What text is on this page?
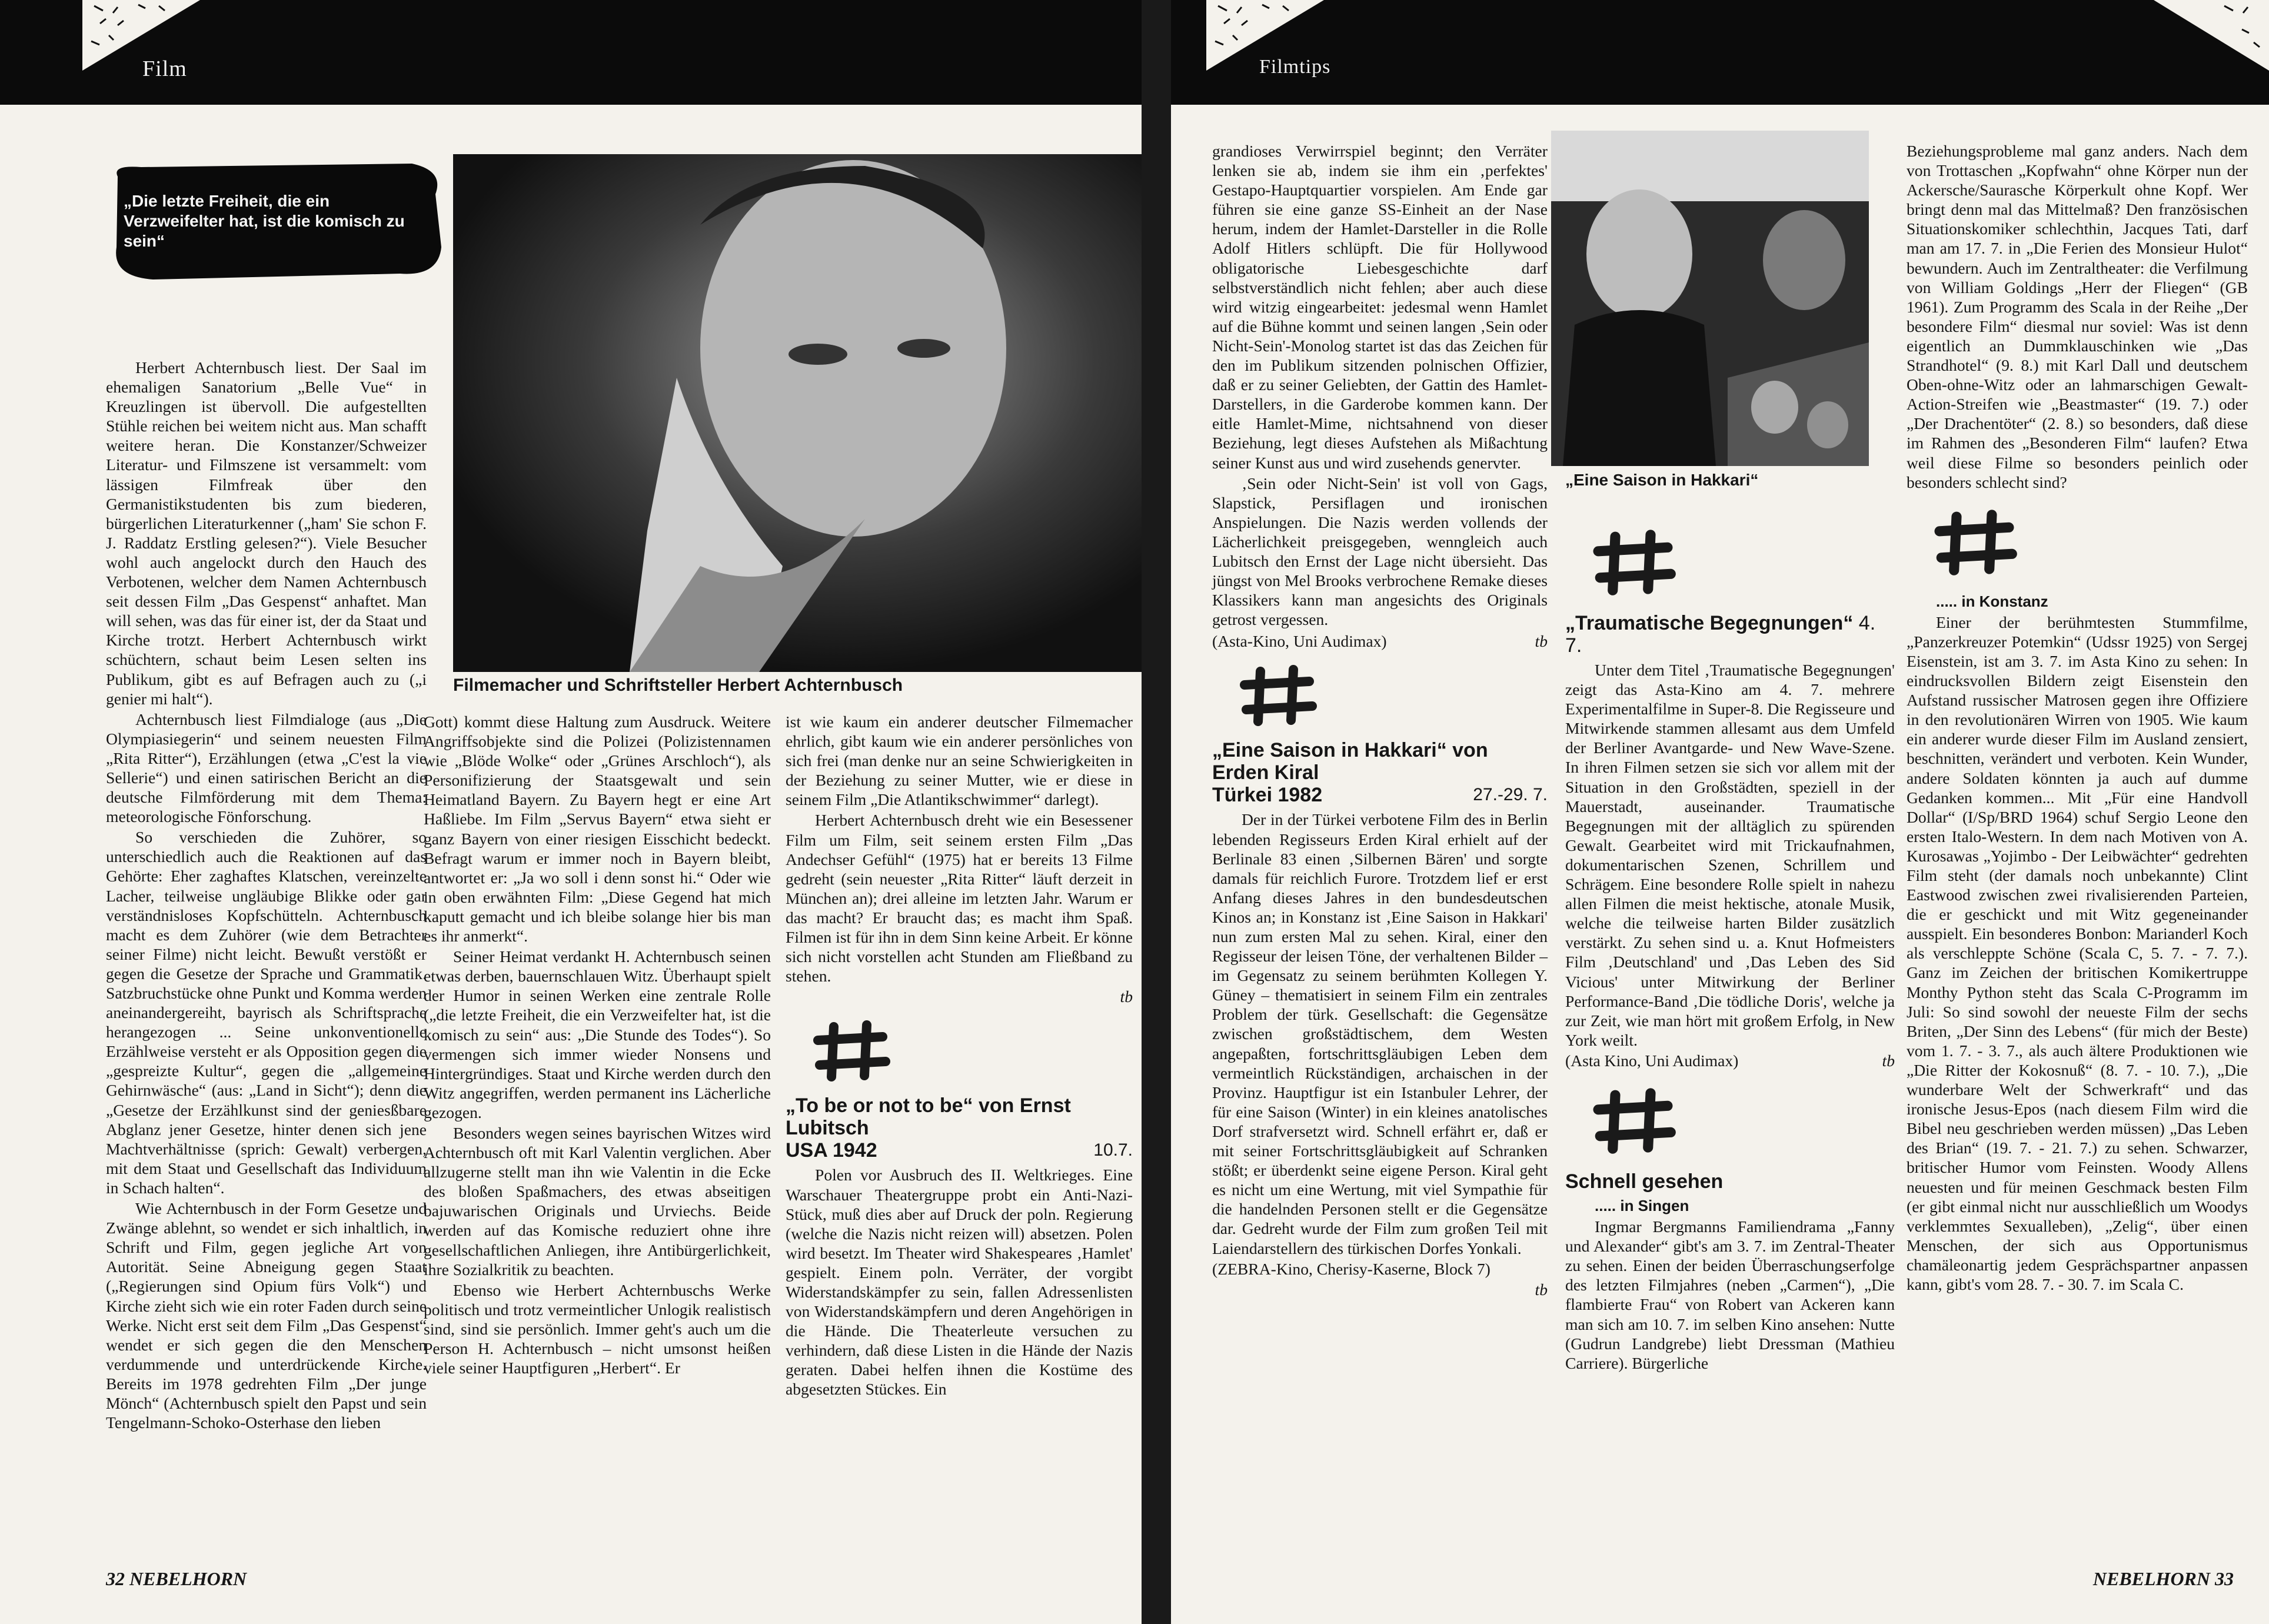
Film
„Die letzte Freiheit, die ein Verzweifelter hat, ist die komisch zu sein“
Filmemacher und Schriftsteller Herbert Achternbusch

Herbert Achternbusch liest. Der Saal im ehemaligen Sanatorium „Belle Vue“ in Kreuzlingen ist übervoll. Die aufgestellten Stühle reichen bei weitem nicht aus. Man schafft weitere heran. Die Konstanzer/Schweizer Literatur- und Filmszene ist versammelt: vom lässigen Filmfreak über den Germanistikstudenten bis zum biederen, bürgerlichen Literaturkenner („ham' Sie schon F. J. Raddatz Erstling gelesen?“). Viele Besucher wohl auch angelockt durch den Hauch des Verbotenen, welcher dem Namen Achternbusch seit dessen Film „Das Gespenst“ anhaftet. Man will sehen, was das für einer ist, der da Staat und Kirche trotzt. Herbert Achternbusch wirkt schüchtern, schaut beim Lesen selten ins Publikum, gibt es auf Befragen auch zu („i genier mi halt“).

Achternbusch liest Filmdialoge (aus „Die Olympiasiegerin“ und seinem neuesten Film „Rita Ritter“), Erzählungen (etwa „C'est la vie Sellerie“) und einen satirischen Bericht an die deutsche Filmförderung mit dem Thema: meteorologische Fönforschung.

So verschieden die Zuhörer, so unterschiedlich auch die Reaktionen auf das Gehörte: Eher zaghaftes Klatschen, vereinzelte Lacher, teilweise ungläubige Blikke oder gar verständnisloses Kopfschütteln. Achternbusch macht es dem Zuhörer (wie dem Betrachter seiner Filme) nicht leicht. Bewußt verstößt er gegen die Gesetze der Sprache und Grammatik. Satzbruchstücke ohne Punkt und Komma werden aneinandergereiht, bayrisch als Schriftsprache herangezogen ... Seine unkonventionelle Erzählweise versteht er als Opposition gegen die „gespreizte Kultur“, gegen die „allgemeine Gehirnwäsche“ (aus: „Land in Sicht“); denn die „Gesetze der Erzählkunst sind der geniesßbare Abglanz jener Gesetze, hinter denen sich jene Machtverhältnisse (sprich: Gewalt) verbergen, mit dem Staat und Gesellschaft das Individuum in Schach halten“.

Wie Achternbusch in der Form Gesetze und Zwänge ablehnt, so wendet er sich inhaltlich, in Schrift und Film, gegen jegliche Art von Autorität. Seine Abneigung gegen Staat („Regierungen sind Opium fürs Volk“) und Kirche zieht sich wie ein roter Faden durch seine Werke. Nicht erst seit dem Film „Das Gespenst“ wendet er sich gegen die den Menschen verdummende und unterdrückende Kirche. Bereits im 1978 gedrehten Film „Der junge Mönch“ (Achternbusch spielt den Papst und sein Tengelmann-Schoko-Osterhase den lieben

Gott) kommt diese Haltung zum Ausdruck. Weitere Angriffsobjekte sind die Polizei (Polizistennamen wie „Blöde Wolke“ oder „Grünes Arschloch“), als Personifizierung der Staatsgewalt und sein Heimatland Bayern. Zu Bayern hegt er eine Art Haßliebe. Im Film „Servus Bayern“ etwa sieht er ganz Bayern von einer riesigen Eisschicht bedeckt. Befragt warum er immer noch in Bayern bleibt, antwortet er: „Ja wo soll i denn sonst hi.“ Oder wie in oben erwähnten Film: „Diese Gegend hat mich kaputt gemacht und ich bleibe solange hier bis man es ihr anmerkt“.

Seiner Heimat verdankt H. Achternbusch seinen etwas derben, bauernschlauen Witz. Überhaupt spielt der Humor in seinen Werken eine zentrale Rolle („die letzte Freiheit, die ein Verzweifelter hat, ist die komisch zu sein“ aus: „Die Stunde des Todes“). So vermengen sich immer wieder Nonsens und Hintergründiges. Staat und Kirche werden durch den Witz angegriffen, werden permanent ins Lächerliche gezogen.

Besonders wegen seines bayrischen Witzes wird Achternbusch oft mit Karl Valentin verglichen. Aber allzugerne stellt man ihn wie Valentin in die Ecke des bloßen Spaßmachers, des etwas abseitigen bajuwarischen Originals und Urviechs. Beide werden auf das Komische reduziert ohne ihre gesellschaftlichen Anliegen, ihre Antibürgerlichkeit, ihre Sozialkritik zu beachten.

Ebenso wie Herbert Achternbuschs Werke politisch und trotz vermeintlicher Unlogik realistisch sind, sind sie persönlich. Immer geht's auch um die Person H. Achternbusch – nicht umsonst heißen viele seiner Hauptfiguren „Herbert“. Er

ist wie kaum ein anderer deutscher Filmemacher ehrlich, gibt kaum wie ein anderer persönliches von sich frei (man denke nur an seine Schwierigkeiten in der Beziehung zu seiner Mutter, wie er diese in seinem Film „Die Atlantikschwimmer“ darlegt).

Herbert Achternbusch dreht wie ein Besessener Film um Film, seit seinem ersten Film „Das Andechser Gefühl“ (1975) hat er bereits 13 Filme gedreht (sein neuester „Rita Ritter“ läuft derzeit in München an); drei alleine im letzten Jahr. Warum er das macht? Er braucht das; es macht ihm Spaß. Filmen ist für ihn in dem Sinn keine Arbeit. Er könne sich nicht vorstellen acht Stunden am Fließband zu stehen.

tb

„To be or not to be“ von Ernst Lubitsch
USA 1942	10.7.

Polen vor Ausbruch des II. Weltkrieges. Eine Warschauer Theatergruppe probt ein Anti-Nazi-Stück, muß dies aber auf Druck der poln. Regierung (welche die Nazis nicht reizen will) absetzen. Polen wird besetzt. Im Theater wird Shakespeares ‚Hamlet' gespielt. Einem poln. Verräter, der vorgibt Widerstandskämpfer zu sein, fallen Adressenlisten von Widerstandskämpfern und deren Angehörigen in die Hände. Die Theaterleute versuchen zu verhindern, daß diese Listen in die Hände der Nazis geraten. Dabei helfen ihnen die Kostüme des abgesetzten Stückes. Ein

32 NEBELHORN
Filmtips

grandioses Verwirrspiel beginnt; den Verräter lenken sie ab, indem sie ihm ein ‚perfektes' Gestapo-Hauptquartier vorspielen. Am Ende gar führen sie eine ganze SS-Einheit an der Nase herum, indem der Hamlet-Darsteller in die Rolle Adolf Hitlers schlüpft. Die für Hollywood obligatorische Liebesgeschichte darf selbstverständlich nicht fehlen; aber auch diese wird witzig eingearbeitet: jedesmal wenn Hamlet auf die Bühne kommt und seinen langen ‚Sein oder Nicht-Sein'-Monolog startet ist das das Zeichen für den im Publikum sitzenden polnischen Offizier, daß er zu seiner Geliebten, der Gattin des Hamlet-Darstellers, in die Garderobe kommen kann. Der eitle Hamlet-Mime, nichtsahnend von dieser Beziehung, legt dieses Aufstehen als Mißachtung seiner Kunst aus und wird zusehends genervter.

‚Sein oder Nicht-Sein' ist voll von Gags, Slapstick, Persiflagen und ironischen Anspielungen. Die Nazis werden vollends der Lächerlichkeit preisgegeben, wenngleich auch Lubitsch den Ernst der Lage nicht übersieht. Das jüngst von Mel Brooks verbrochene Remake dieses Klassikers kann man angesichts des Originals getrost vergessen.

(Asta-Kino, Uni Audimax)	tb

„Eine Saison in Hakkari“ von Erden Kiral
Türkei 1982	27.-29. 7.

Der in der Türkei verbotene Film des in Berlin lebenden Regisseurs Erden Kiral erhielt auf der Berlinale 83 einen ‚Silbernen Bären' und sorgte damals für reichlich Furore. Trotzdem lief er erst Anfang dieses Jahres in den bundesdeutschen Kinos an; in Konstanz ist ‚Eine Saison in Hakkari' nun zum ersten Mal zu sehen. Kiral, einer den Regisseur der leisen Töne, der verhaltenen Bilder – im Gegensatz zu seinem berühmten Kollegen Y. Güney – thematisiert in seinem Film ein zentrales Problem der türk. Gesellschaft: die Gegensätze zwischen großstädtischem, dem Westen angepaßten, fortschrittsgläubigen Leben dem vermeintlich Rückständigen, archaischen in der Provinz. Hauptfigur ist ein Istanbuler Lehrer, der für eine Saison (Winter) in ein kleines anatolisches Dorf strafversetzt wird. Schnell erfährt er, daß er mit seiner Fortschrittsgläubigkeit auf Schranken stößt; er überdenkt seine eigene Person. Kiral geht es nicht um eine Wertung, mit viel Sympathie für die handelnden Personen stellt er die Gegensätze dar. Gedreht wurde der Film zum großen Teil mit Laiendarstellern des türkischen Dorfes Yonkali.

(ZEBRA-Kino, Cherisy-Kaserne, Block 7)

tb

„Eine Saison in Hakkari“
„Traumatische Begegnungen“ 4. 7.

Unter dem Titel ‚Traumatische Begegnungen' zeigt das Asta-Kino am 4. 7. mehrere Experimentalfilme in Super-8. Die Regisseure und Mitwirkende stammen allesamt aus dem Umfeld der Berliner Avantgarde- und New Wave-Szene. In ihren Filmen setzen sie sich vor allem mit der Situation in den Großstädten, speziell in der Mauerstadt, auseinander. Traumatische Begegnungen mit der alltäglich zu spürenden Gewalt. Gearbeitet wird mit Trickaufnahmen, dokumentarischen Szenen, Schrillem und Schrägem. Eine besondere Rolle spielt in nahezu allen Filmen die meist hektische, atonale Musik, welche die teilweise harten Bilder zusätzlich verstärkt. Zu sehen sind u. a. Knut Hofmeisters Film ‚Deutschland' und ‚Das Leben des Sid Vicious' unter Mitwirkung der Berliner Performance-Band ‚Die tödliche Doris', welche ja zur Zeit, wie man hört mit großem Erfolg, in New York weilt.

(Asta Kino, Uni Audimax)	tb

Schnell gesehen

..... in Singen

Ingmar Bergmanns Familiendrama „Fanny und Alexander“ gibt's am 3. 7. im Zentral-Theater zu sehen. Einen der beiden Überraschungserfolge des letzten Filmjahres (neben „Carmen“), „Die flambierte Frau“ von Robert van Ackeren kann man sich am 10. 7. im selben Kino ansehen: Nutte (Gudrun Landgrebe) liebt Dressman (Mathieu Carriere). Bürgerliche

Beziehungsprobleme mal ganz anders. Nach dem von Trottaschen „Kopfwahn“ ohne Körper nun der Ackersche/Saurasche Körperkult ohne Kopf. Wer bringt denn mal das Mittelmaß? Den französischen Situationskomiker schlechthin, Jacques Tati, darf man am 17. 7. in „Die Ferien des Monsieur Hulot“ bewundern. Auch im Zentraltheater: die Verfilmung von William Goldings „Herr der Fliegen“ (GB 1961). Zum Programm des Scala in der Reihe „Der besondere Film“ diesmal nur soviel: Was ist denn eigentlich an Dummklauschinken wie „Das Strandhotel“ (9. 8.) mit Karl Dall und deutschem Oben-ohne-Witz oder an lahmarschigen Gewalt-Action-Streifen wie „Beastmaster“ (19. 7.) oder „Der Drachentöter“ (2. 8.) so besonders, daß diese im Rahmen des „Besonderen Film“ laufen? Etwa weil diese Filme so besonders peinlich oder besonders schlecht sind?

..... in Konstanz

Einer der berühmtesten Stummfilme, „Panzerkreuzer Potemkin“ (Udssr 1925) von Sergej Eisenstein, ist am 3. 7. im Asta Kino zu sehen: In eindrucksvollen Bildern zeigt Eisenstein den Aufstand russischer Matrosen gegen ihre Offiziere in den revolutionären Wirren von 1905. Wie kaum ein anderer wurde dieser Film im Ausland zensiert, beschnitten, verändert und verboten. Kein Wunder, andere Soldaten könnten ja auch auf dumme Gedanken kommen... Mit „Für eine Handvoll Dollar“ (I/Sp/BRD 1964) schuf Sergio Leone den ersten Italo-Western. In dem nach Motiven von A. Kurosawas „Yojimbo - Der Leibwächter“ gedrehten Film steht (der damals noch unbekannte) Clint Eastwood zwischen zwei rivalisierenden Parteien, die er geschickt und mit Witz gegeneinander ausspielt. Ein besonderes Bonbon: Marianderl Koch als verschleppte Schöne (Scala C, 5. 7. - 7. 7.). Ganz im Zeichen der britischen Komikertruppe Monthy Python steht das Scala C-Programm im Juli: So sind sowohl der neueste Film der sechs Briten, „Der Sinn des Lebens“ (für mich der Beste) vom 1. 7. - 3. 7., als auch ältere Produktionen wie „Die Ritter der Kokosnuß“ (8. 7. - 10. 7.), „Die wunderbare Welt der Schwerkraft“ und das ironische Jesus-Epos (nach diesem Film wird die Bibel neu geschrieben werden müssen) „Das Leben des Brian“ (19. 7. - 21. 7.) zu sehen. Schwarzer, britischer Humor vom Feinsten. Woody Allens neuesten und für meinen Geschmack besten Film (er gibt einmal nicht nur ausschließlich um Woodys verklemmtes Sexualleben), „Zelig“, über einen Menschen, der sich aus Opportunismus chamäleonartig jedem Gesprächspartner anpassen kann, gibt's vom 28. 7. - 30. 7. im Scala C.

NEBELHORN 33
